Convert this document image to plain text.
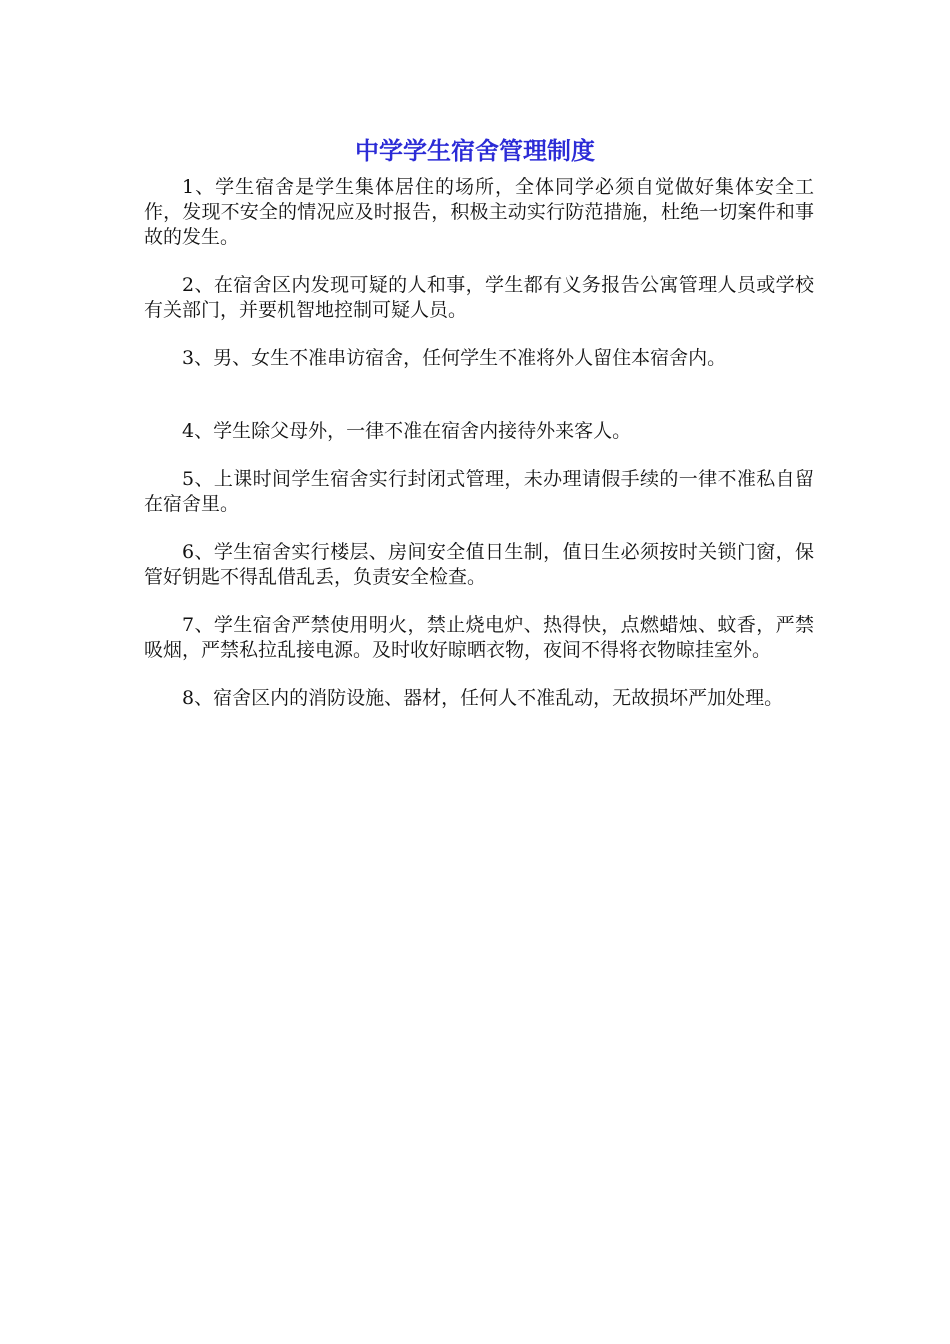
中学学生宿舍管理制度

1、学生宿舍是学生集体居住的场所，全体同学必须自觉做好集体安全工作，发现不安全的情况应及时报告，积极主动实行防范措施，杜绝一切案件和事故的发生。

2、在宿舍区内发现可疑的人和事，学生都有义务报告公寓管理人员或学校有关部门，并要机智地控制可疑人员。

3、男、女生不准串访宿舍，任何学生不准将外人留住本宿舍内。

4、学生除父母外，一律不准在宿舍内接待外来客人。

5、上课时间学生宿舍实行封闭式管理，未办理请假手续的一律不准私自留在宿舍里。

6、学生宿舍实行楼层、房间安全值日生制，值日生必须按时关锁门窗，保管好钥匙不得乱借乱丢，负责安全检查。

7、学生宿舍严禁使用明火，禁止烧电炉、热得快，点燃蜡烛、蚊香，严禁吸烟，严禁私拉乱接电源。及时收好晾晒衣物，夜间不得将衣物晾挂室外。

8、宿舍区内的消防设施、器材，任何人不准乱动，无故损坏严加处理。
